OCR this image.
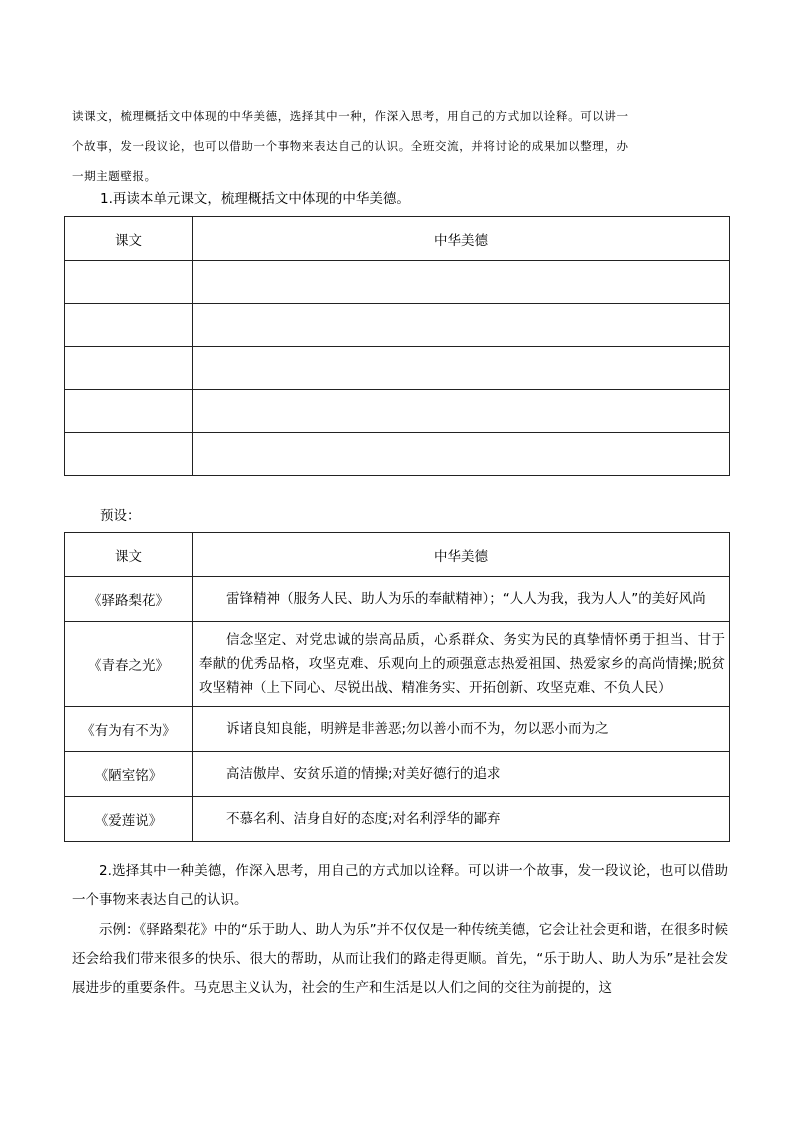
读课文，梳理概括文中体现的中华美德，选择其中一种，作深入思考，用自己的方式加以诠释。可以讲一

个故事，发一段议论，也可以借助一个事物来表达自己的认识。全班交流，并将讨论的成果加以整理，办

一期主题壁报。

1.再读本单元课文，梳理概括文中体现的中华美德。
课文	中华美德

预设：
课文	中华美德
《驿路梨花》	雷锋精神（服务人民、助人为乐的奉献精神）；“人人为我，我为人人”的美好风尚
《青春之光》	信念坚定、对党忠诚的崇高品质，心系群众、务实为民的真挚情怀勇于担当、甘于奉献的优秀品格，攻坚克难、乐观向上的顽强意志热爱祖国、热爱家乡的高尚情操;脱贫攻坚精神（上下同心、尽锐出战、精准务实、开拓创新、攻坚克难、不负人民）
《有为有不为》	诉诸良知良能，明辨是非善恶;勿以善小而不为，勿以恶小而为之
《陋室铭》	高洁傲岸、安贫乐道的情操;对美好德行的追求
《爱莲说》	不慕名利、洁身自好的态度;对名利浮华的鄙弃

2.选择其中一种美德，作深入思考，用自己的方式加以诠释。可以讲一个故事，发一段议论，也可以借助一个事物来表达自己的认识。

示例：《驿路梨花》中的“乐于助人、助人为乐”并不仅仅是一种传统美德，它会让社会更和谐，在很多时候还会给我们带来很多的快乐、很大的帮助，从而让我们的路走得更顺。首先，“乐于助人、助人为乐”是社会发展进步的重要条件。马克思主义认为，社会的生产和生活是以人们之间的交往为前提的，这
